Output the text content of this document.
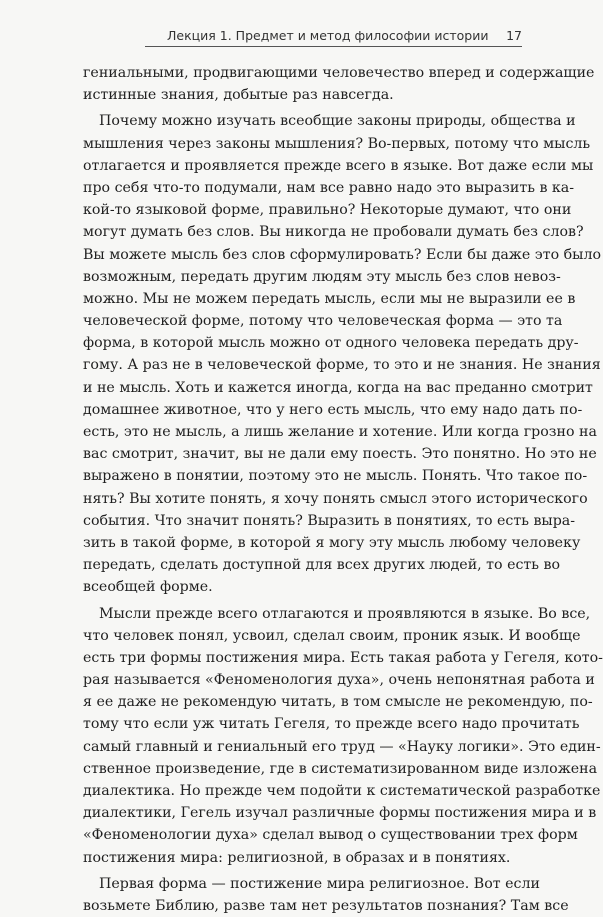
Лекция 1. Предмет и метод философии истории 17
гениальными, продвигающими человечество вперед и содержащие
истинные знания, добытые раз навсегда.
Почему можно изучать всеобщие законы природы, общества и
мышления через законы мышления? Во-первых, потому что мысль
отлагается и проявляется прежде всего в языке. Вот даже если мы
про себя что-то подумали, нам все равно надо это выразить в ка-
кой-то языковой форме, правильно? Некоторые думают, что они
могут думать без слов. Вы никогда не пробовали думать без слов?
Вы можете мысль без слов сформулировать? Если бы даже это было
возможным, передать другим людям эту мысль без слов невоз-
можно. Мы не можем передать мысль, если мы не выразили ее в
человеческой форме, потому что человеческая форма — это та
форма, в которой мысль можно от одного человека передать дру-
гому. А раз не в человеческой форме, то это и не знания. Не знания
и не мысль. Хоть и кажется иногда, когда на вас преданно смотрит
домашнее животное, что у него есть мысль, что ему надо дать по-
есть, это не мысль, а лишь желание и хотение. Или когда грозно на
вас смотрит, значит, вы не дали ему поесть. Это понятно. Но это не
выражено в понятии, поэтому это не мысль. Понять. Что такое по-
нять? Вы хотите понять, я хочу понять смысл этого исторического
события. Что значит понять? Выразить в понятиях, то есть выра-
зить в такой форме, в которой я могу эту мысль любому человеку
передать, сделать доступной для всех других людей, то есть во
всеобщей форме.
Мысли прежде всего отлагаются и проявляются в языке. Во все,
что человек понял, усвоил, сделал своим, проник язык. И вообще
есть три формы постижения мира. Есть такая работа у Гегеля, кото-
рая называется «Феноменология духа», очень непонятная работа и
я ее даже не рекомендую читать, в том смысле не рекомендую, по-
тому что если уж читать Гегеля, то прежде всего надо прочитать
самый главный и гениальный его труд — «Науку логики». Это един-
ственное произведение, где в систематизированном виде изложена
диалектика. Но прежде чем подойти к систематической разработке
диалектики, Гегель изучал различные формы постижения мира и в
«Феноменологии духа» сделал вывод о существовании трех форм
постижения мира: религиозной, в образах и в понятиях.
Первая форма — постижение мира религиозное. Вот если
возьмете Библию, разве там нет результатов познания? Там все
